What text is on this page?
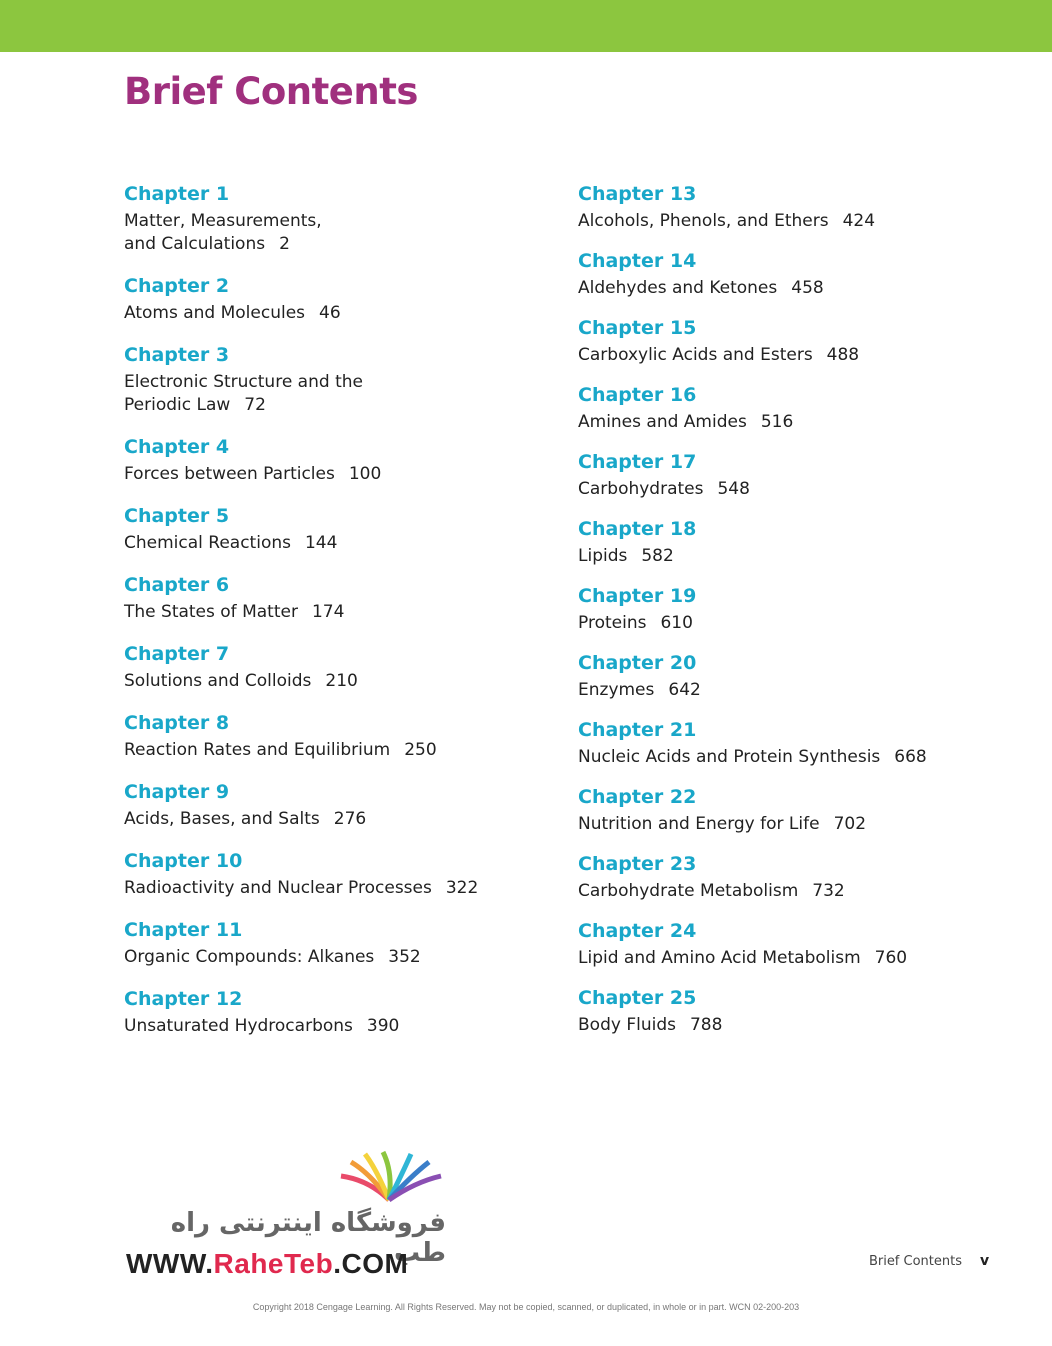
Brief Contents
Chapter 1
Matter, Measurements,
and Calculations 2
Chapter 2
Atoms and Molecules 46
Chapter 3
Electronic Structure and the
Periodic Law 72
Chapter 4
Forces between Particles 100
Chapter 5
Chemical Reactions 144
Chapter 6
The States of Matter 174
Chapter 7
Solutions and Colloids 210
Chapter 8
Reaction Rates and Equilibrium 250
Chapter 9
Acids, Bases, and Salts 276
Chapter 10
Radioactivity and Nuclear Processes 322
Chapter 11
Organic Compounds: Alkanes 352
Chapter 12
Unsaturated Hydrocarbons 390
Chapter 13
Alcohols, Phenols, and Ethers 424
Chapter 14
Aldehydes and Ketones 458
Chapter 15
Carboxylic Acids and Esters 488
Chapter 16
Amines and Amides 516
Chapter 17
Carbohydrates 548
Chapter 18
Lipids 582
Chapter 19
Proteins 610
Chapter 20
Enzymes 642
Chapter 21
Nucleic Acids and Protein Synthesis 668
Chapter 22
Nutrition and Energy for Life 702
Chapter 23
Carbohydrate Metabolism 732
Chapter 24
Lipid and Amino Acid Metabolism 760
Chapter 25
Body Fluids 788
فروشگاه اینترنتی راه طب
WWW.RaheTeb.COM	Brief Contents v
Copyright 2018 Cengage Learning. All Rights Reserved. May not be copied, scanned, or duplicated, in whole or in part. WCN 02-200-203
